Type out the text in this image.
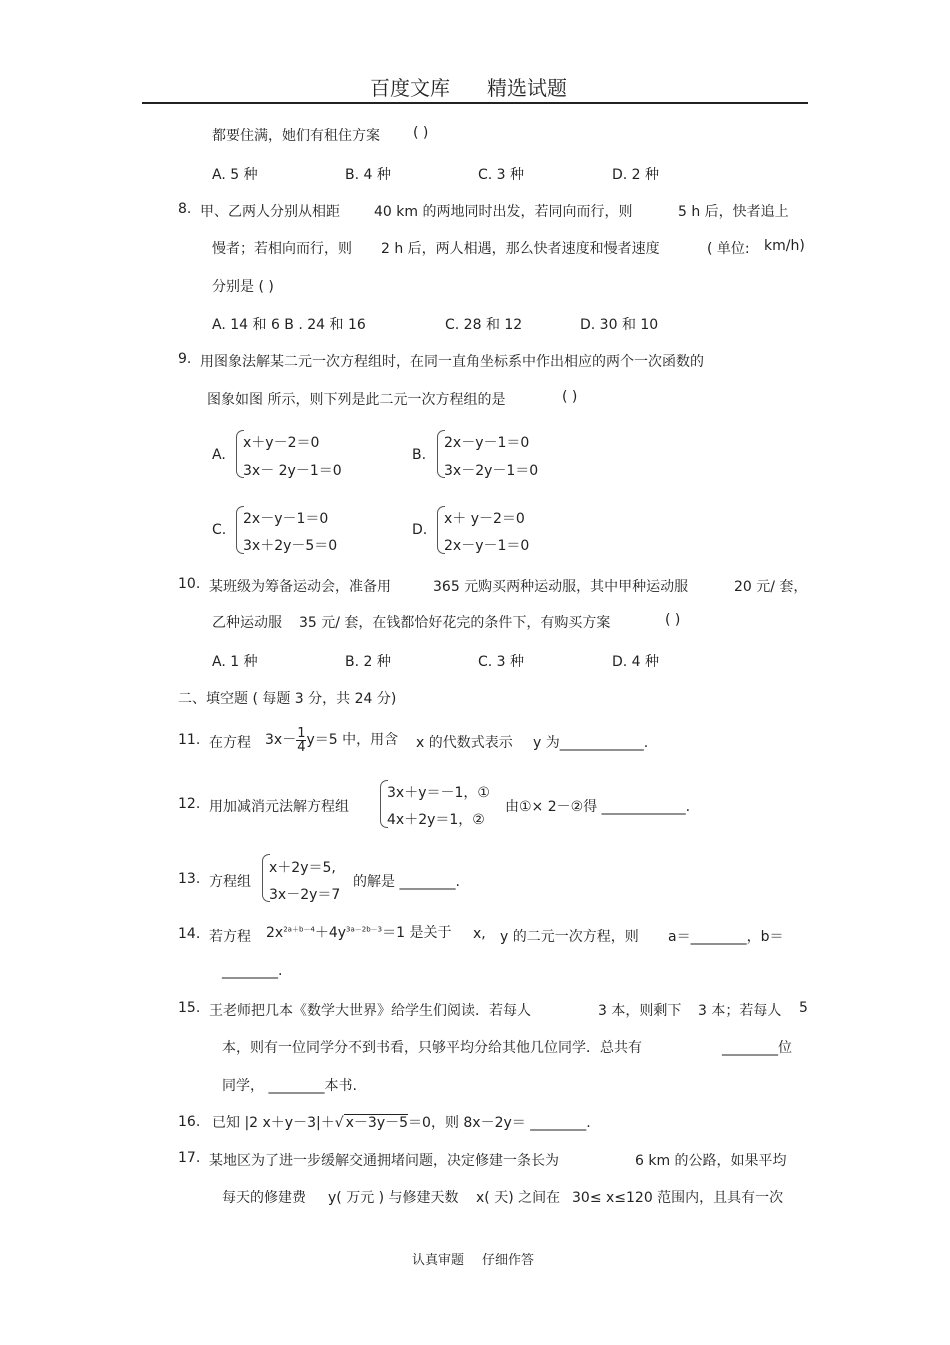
百度文库 精选试题
都要住满，她们有租住方案 ( )
A. 5 种	B. 4 种	C. 3 种	D. 2 种
8. 甲、乙两人分别从相距 40 km 的两地同时出发，若同向而行，则	5 h 后，快者追上
慢者；若相向而行，则 2 h 后，两人相遇，那么快者速度和慢者速度	( 单位: km/h)
分别是 ( )
A. 14 和 6 B . 24 和 16	C. 28 和 12	D. 30 和 10
9. 用图象法解某二元一次方程组时，在同一直角坐标系中作出相应的两个一次函数的
图象如图 所示，则下列是此二元一次方程组的是	( )
A.
x＋y－2＝0
3x－ 2y－1＝0
B.
2x－y－1＝0
3x－2y－1＝0
C.
2x－y－1＝0
3x＋2y－5＝0
D.
x＋ y－2＝0
2x－y－1＝0
10. 某班级为筹备运动会，准备用	365 元购买两种运动服，其中甲种运动服	20 元/ 套，
乙种运动服 35 元/ 套，在钱都恰好花完的条件下，有购买方案	( )
A. 1 种	B. 2 种	C. 3 种	D. 4 种
二、填空题 ( 每题 3 分，共 24 分)
11. 在方程 $3x- \frac{1}{4} y=5$ 中，用含 x 的代数式表示 y 为____________.
12. 用加减消元法解方程组
3x＋y＝－1，①
4x＋2y＝1，②
由①× 2－②得 ____________.
13. 方程组
x＋2y＝5,
3x－2y＝7
的解是 ________.
14. 若方程 $2x^{2a+b-4}+4y^{3a-2b-3}=1$ 是关于 x, y 的二元一次方程，则 a＝________，b＝
________.
15. 王老师把几本《数学大世界》给学生们阅读．若每人	3 本，则剩下 3 本；若每人 5
本，则有一位同学分不到书看，只够平均分给其他几位同学．总共有	________位
同学， ________本书.
16. 已知 |2 x＋y－3|＋√ x－3y－5＝0，则 8x－2y＝ ________.
17. 某地区为了进一步缓解交通拥堵问题，决定修建一条长为	6 km 的公路，如果平均
每天的修建费 y( 万元 ) 与修建天数 x( 天) 之间在 30≤ x≤120 范围内，且具有一次
认真审题 仔细作答
